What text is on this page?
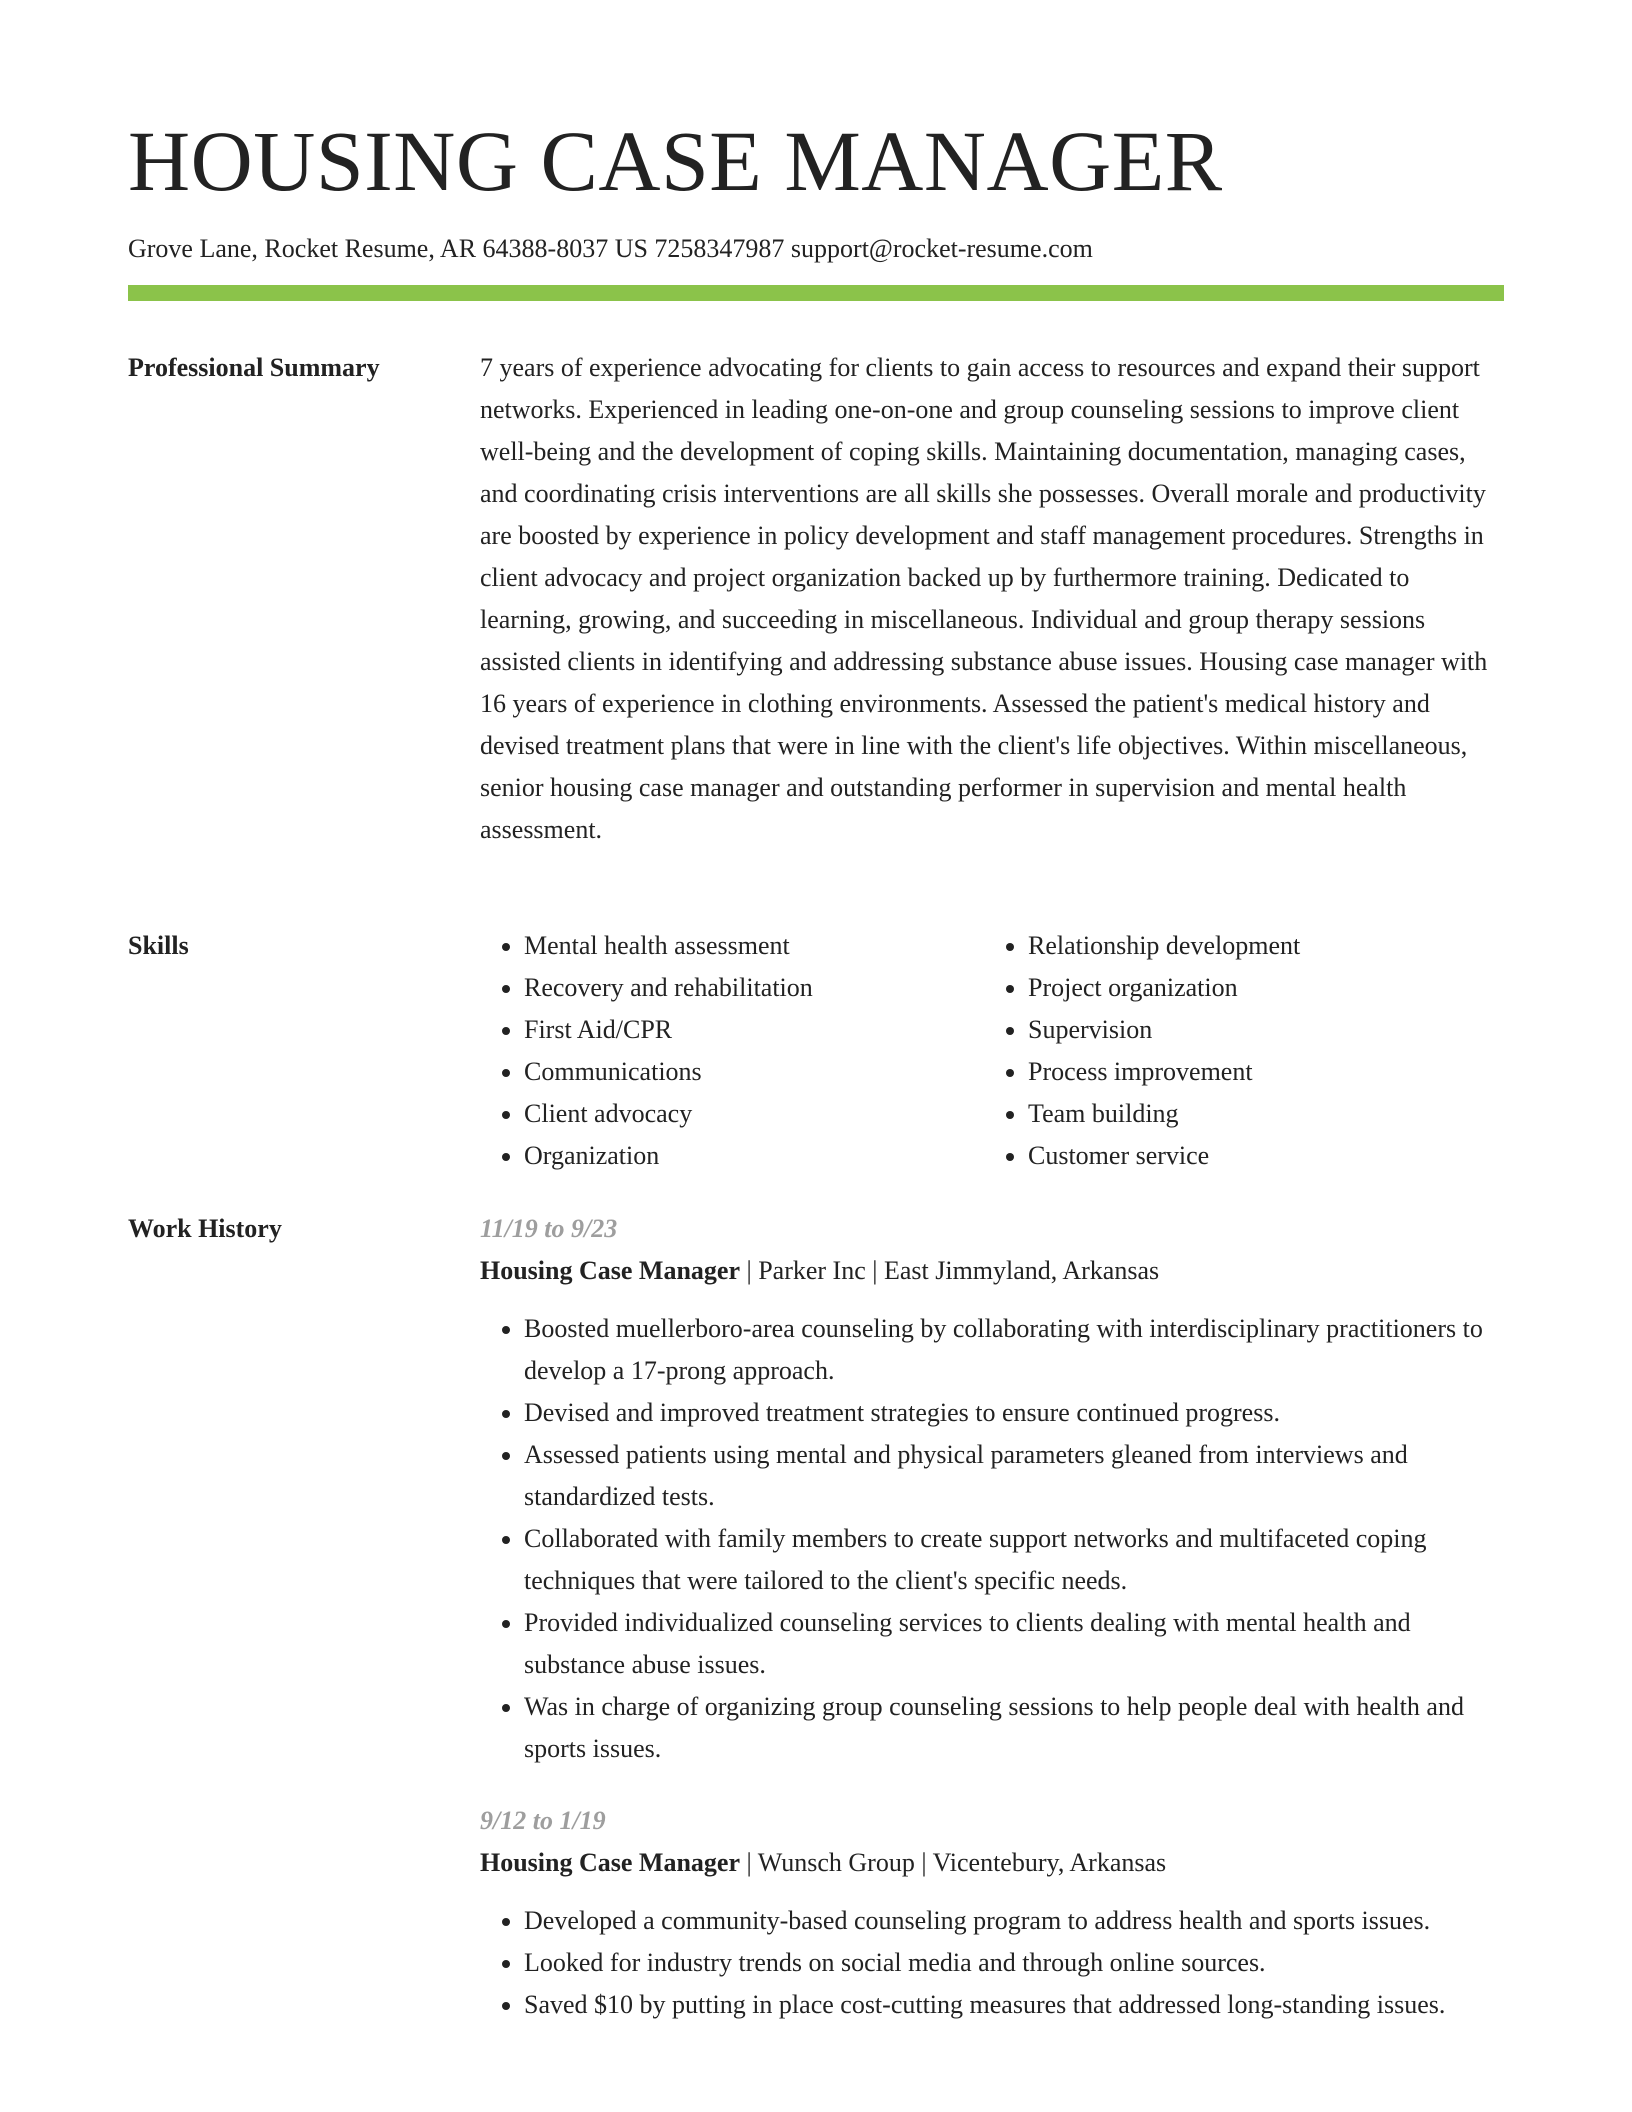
HOUSING CASE MANAGER
Grove Lane, Rocket Resume, AR 64388-8037 US 7258347987 support@rocket-resume.com
Professional Summary	7 years of experience advocating for clients to gain access to resources and expand their support networks. Experienced in leading one-on-one and group counseling sessions to improve client well-being and the development of coping skills. Maintaining documentation, managing cases, and coordinating crisis interventions are all skills she possesses. Overall morale and productivity are boosted by experience in policy development and staff management procedures. Strengths in client advocacy and project organization backed up by furthermore training. Dedicated to learning, growing, and succeeding in miscellaneous. Individual and group therapy sessions assisted clients in identifying and addressing substance abuse issues. Housing case manager with 16 years of experience in clothing environments. Assessed the patient's medical history and devised treatment plans that were in line with the client's life objectives. Within miscellaneous, senior housing case manager and outstanding performer in supervision and mental health assessment.

Skills
•	Mental health assessment
• Recovery and rehabilitation
• First Aid/CPR
• Communications
• Client advocacy
• Organization
• Relationship development
• Project organization
• Supervision
• Process improvement
• Team building
• Customer service
Work History	11/19 to 9/23
Housing Case Manager | Parker Inc | East Jimmyland, Arkansas
• Boosted muellerboro-area counseling by collaborating with interdisciplinary practitioners to develop a 17-prong approach.
• Devised and improved treatment strategies to ensure continued progress.
• Assessed patients using mental and physical parameters gleaned from interviews and standardized tests.
• Collaborated with family members to create support networks and multifaceted coping techniques that were tailored to the client's specific needs.
• Provided individualized counseling services to clients dealing with mental health and substance abuse issues.
• Was in charge of organizing group counseling sessions to help people deal with health and sports issues.
9/12 to 1/19
Housing Case Manager | Wunsch Group | Vicentebury, Arkansas
• Developed a community-based counseling program to address health and sports issues.
• Looked for industry trends on social media and through online sources.
• Saved $10 by putting in place cost-cutting measures that addressed long-standing issues.
